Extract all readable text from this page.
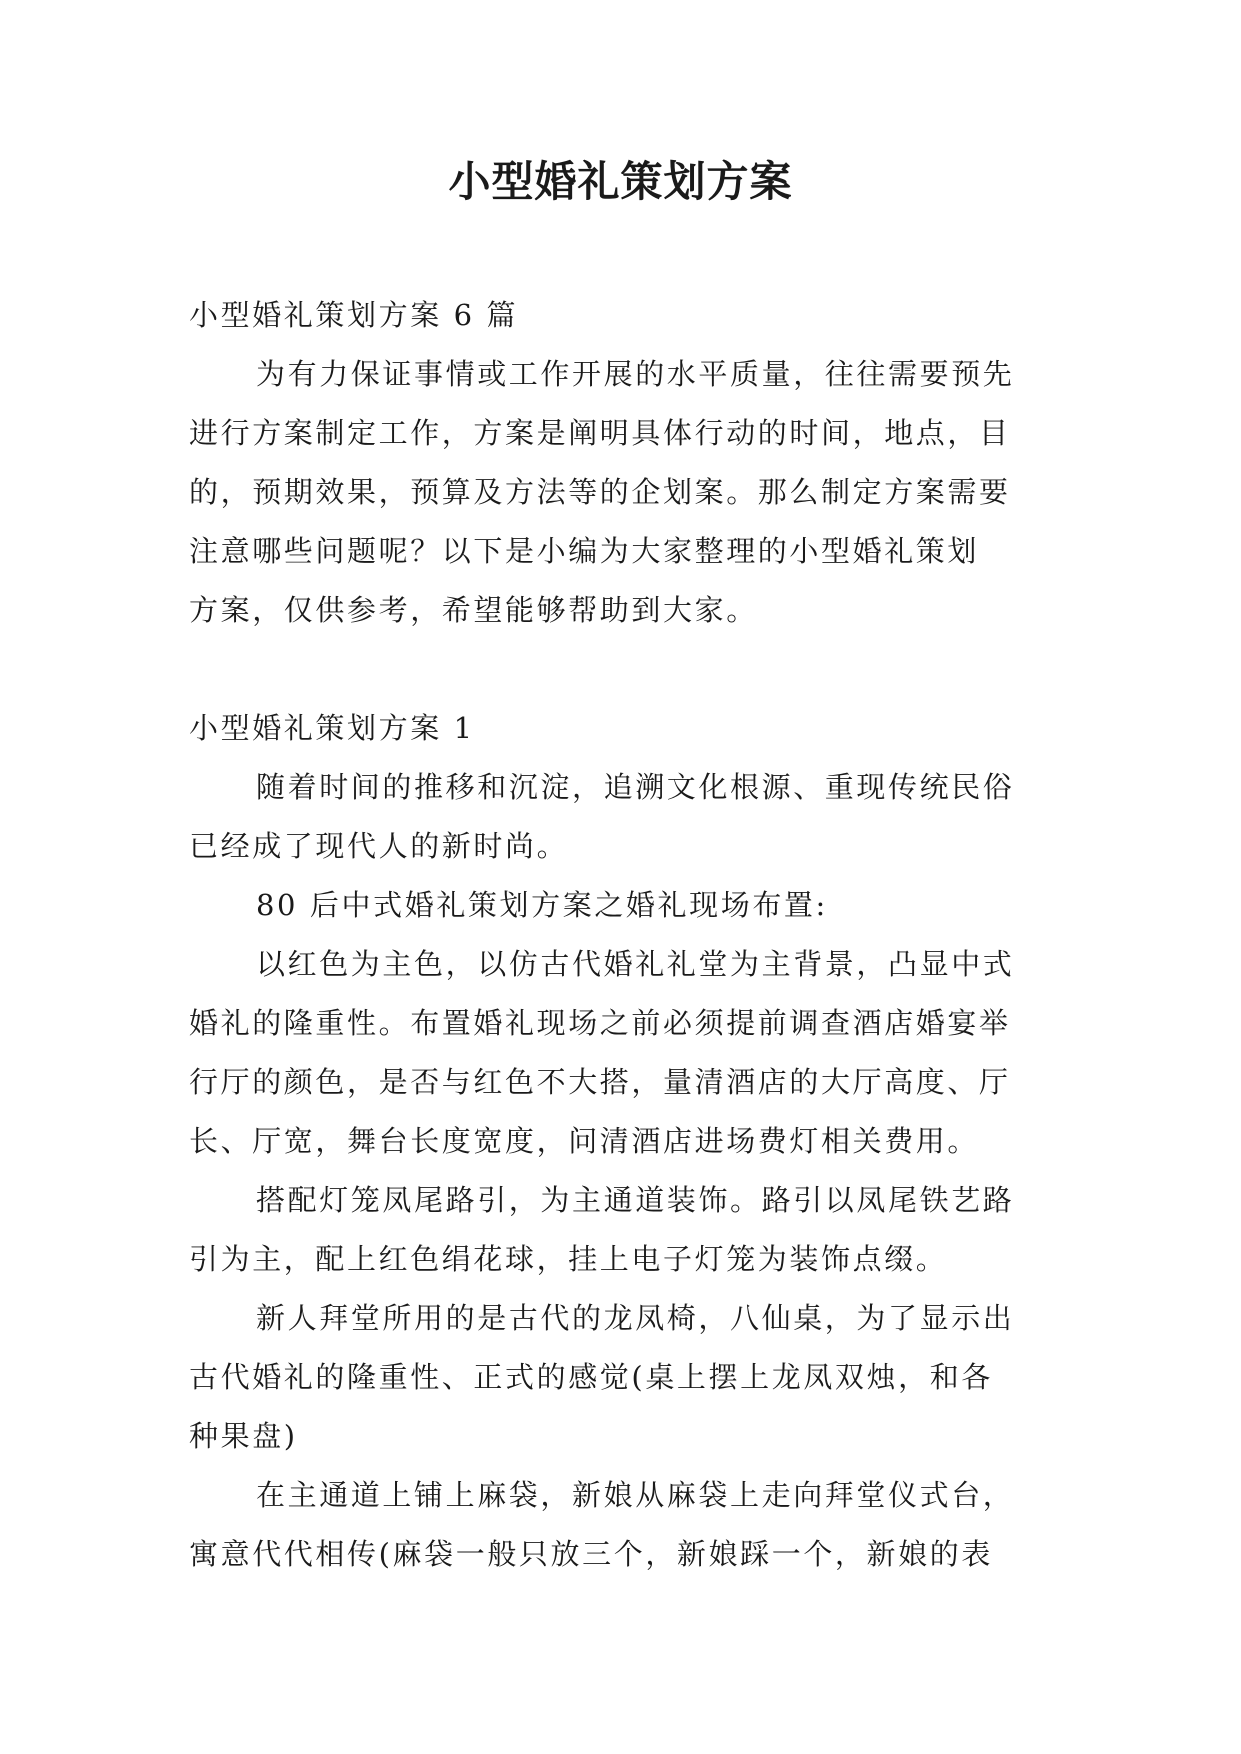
小型婚礼策划方案
小型婚礼策划方案 6 篇
为有力保证事情或工作开展的水平质量，往往需要预先
进行方案制定工作，方案是阐明具体行动的时间，地点，目
的，预期效果，预算及方法等的企划案。那么制定方案需要
注意哪些问题呢？以下是小编为大家整理的小型婚礼策划
方案，仅供参考，希望能够帮助到大家。
小型婚礼策划方案 1
随着时间的推移和沉淀，追溯文化根源、重现传统民俗
已经成了现代人的新时尚。
80 后中式婚礼策划方案之婚礼现场布置:
以红色为主色，以仿古代婚礼礼堂为主背景，凸显中式
婚礼的隆重性。布置婚礼现场之前必须提前调查酒店婚宴举
行厅的颜色，是否与红色不大搭，量清酒店的大厅高度、厅
长、厅宽，舞台长度宽度，问清酒店进场费灯相关费用。
搭配灯笼凤尾路引，为主通道装饰。路引以凤尾铁艺路
引为主，配上红色绢花球，挂上电子灯笼为装饰点缀。
新人拜堂所用的是古代的龙凤椅，八仙桌，为了显示出
古代婚礼的隆重性、正式的感觉(桌上摆上龙凤双烛，和各
种果盘)
在主通道上铺上麻袋，新娘从麻袋上走向拜堂仪式台，
寓意代代相传(麻袋一般只放三个，新娘踩一个，新娘的表
